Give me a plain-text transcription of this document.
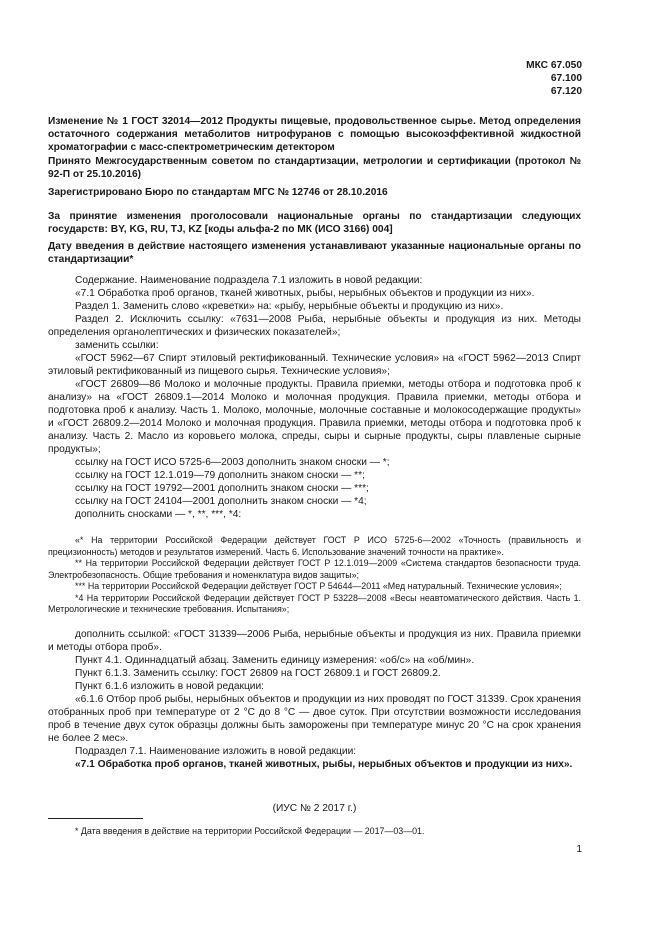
МКС 67.050
67.100
67.120
Изменение № 1 ГОСТ 32014—2012 Продукты пищевые, продовольственное сырье. Метод определения остаточного содержания метаболитов нитрофуранов с помощью высокоэффективной жидкостной хроматографии с масс-спектрометрическим детектором
Принято Межгосударственным советом по стандартизации, метрологии и сертификации (протокол № 92-П от 25.10.2016)
Зарегистрировано Бюро по стандартам МГС № 12746 от 28.10.2016
За принятие изменения проголосовали национальные органы по стандартизации следующих государств: BY, KG, RU, TJ, KZ [коды альфа-2 по МК (ИСО 3166) 004]
Дату введения в действие настоящего изменения устанавливают указанные национальные органы по стандартизации*

Содержание. Наименование подраздела 7.1 изложить в новой редакции:

«7.1 Обработка проб органов, тканей животных, рыбы, нерыбных объектов и продукции из них».

Раздел 1. Заменить слово «креветки» на: «рыбу, нерыбные объекты и продукцию из них».

Раздел 2. Исключить ссылку: «7631—2008 Рыба, нерыбные объекты и продукция из них. Методы определения органолептических и физических показателей»;

заменить ссылки:

«ГОСТ 5962—67 Спирт этиловый ректификованный. Технические условия» на «ГОСТ 5962—2013 Спирт этиловый ректификованный из пищевого сырья. Технические условия»;

«ГОСТ 26809—86 Молоко и молочные продукты. Правила приемки, методы отбора и подготовка проб к анализу» на «ГОСТ 26809.1—2014 Молоко и молочная продукция. Правила приемки, методы отбора и подготовка проб к анализу. Часть 1. Молоко, молочные, молочные составные и молокосодержащие продукты» и «ГОСТ 26809.2—2014 Молоко и молочная продукция. Правила приемки, методы отбора и подготовка проб к анализу. Часть 2. Масло из коровьего молока, спреды, сыры и сырные продукты, сыры плавленые сырные продукты»;

ссылку на ГОСТ ИСО 5725-6—2003 дополнить знаком сноски — *;

ссылку на ГОСТ 12.1.019—79 дополнить знаком сноски — **;

ссылку на ГОСТ 19792—2001 дополнить знаком сноски — ***;

ссылку на ГОСТ 24104—2001 дополнить знаком сноски — *4;

дополнить сносками — *, **, ***, *4:

«* На территории Российской Федерации действует ГОСТ Р ИСО 5725-6—2002 «Точность (правильность и прецизионность) методов и результатов измерений. Часть 6. Использование значений точности на практике».

** На территории Российской Федерации действует ГОСТ Р 12.1.019—2009 «Система стандартов безопасности труда. Электробезопасность. Общие требования и номенклатура видов защиты»;

*** На территории Российской Федерации действует ГОСТ Р 54644—2011 «Мед натуральный. Технические условия»;

*4 На территории Российской Федерации действует ГОСТ Р 53228—2008 «Весы неавтоматического действия. Часть 1. Метрологические и технические требования. Испытания»;

дополнить ссылкой: «ГОСТ 31339—2006 Рыба, нерыбные объекты и продукция из них. Правила приемки и методы отбора проб».

Пункт 4.1. Одиннадцатый абзац. Заменить единицу измерения: «об/с» на «об/мин».

Пункт 6.1.3. Заменить ссылку: ГОСТ 26809 на ГОСТ 26809.1 и ГОСТ 26809.2.

Пункт 6.1.6 изложить в новой редакции:

«6.1.6 Отбор проб рыбы, нерыбных объектов и продукции из них проводят по ГОСТ 31339. Срок хранения отобранных проб при температуре от 2 °С до 8 °С — двое суток. При отсутствии возможности исследования проб в течение двух суток образцы должны быть заморожены при температуре минус 20 °С на срок хранения не более 2 мес».

Подраздел 7.1. Наименование изложить в новой редакции:

«7.1 Обработка проб органов, тканей животных, рыбы, нерыбных объектов и продукции из них».

(ИУС № 2 2017 г.)

* Дата введения в действие на территории Российской Федерации — 2017—03—01.

1
